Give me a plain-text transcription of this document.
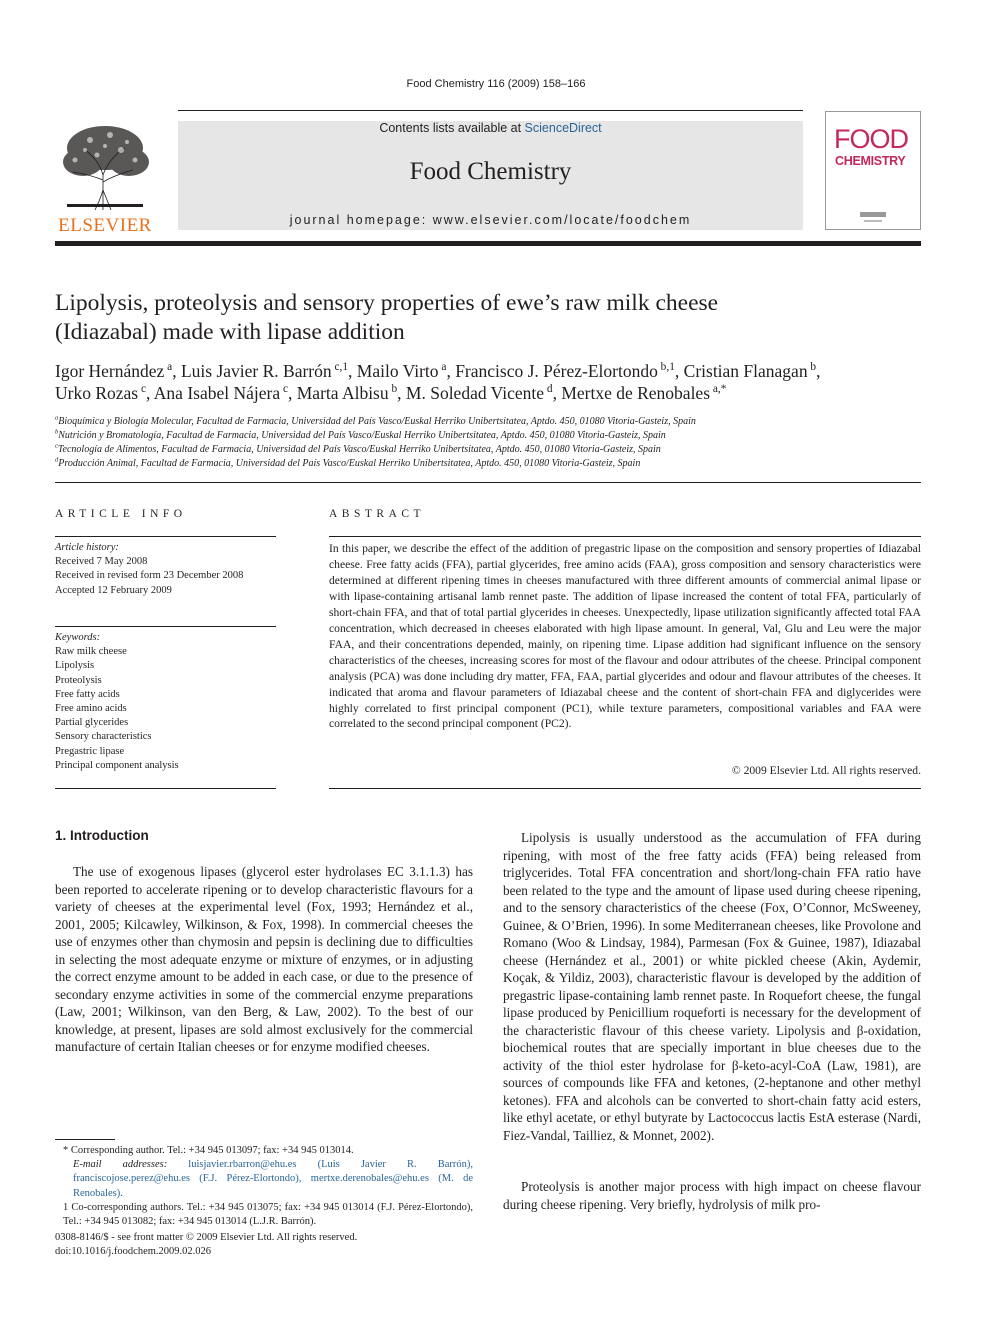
Food Chemistry 116 (2009) 158–166
ELSEVIER
Contents lists available at ScienceDirect
Food Chemistry
journal homepage: www.elsevier.com/locate/foodchem
FOOD
CHEMISTRY
Lipolysis, proteolysis and sensory properties of ewe’s raw milk cheese
(Idiazabal) made with lipase addition
Igor Hernández $^a$, Luis Javier R. Barrón $^{c,1}$, Mailo Virto $^a$, Francisco J. Pérez-Elortondo $^{b,1}$, Cristian Flanagan $^b$,
Urko Rozas $^c$, Ana Isabel Nájera $^c$, Marta Albisu $^b$, M. Soledad Vicente $^d$, Mertxe de Renobales $^{a,*}$
$^a$Bioquímica y Biología Molecular, Facultad de Farmacia, Universidad del País Vasco/Euskal Herriko Unibertsitatea, Aptdo. 450, 01080 Vitoria-Gasteiz, Spain
$^b$Nutrición y Bromatología, Facultad de Farmacia, Universidad del País Vasco/Euskal Herriko Unibertsitatea, Aptdo. 450, 01080 Vitoria-Gasteiz, Spain
$^c$Tecnología de Alimentos, Facultad de Farmacia, Universidad del País Vasco/Euskal Herriko Unibertsitatea, Aptdo. 450, 01080 Vitoria-Gasteiz, Spain
$^d$Producción Animal, Facultad de Farmacia, Universidad del País Vasco/Euskal Herriko Unibertsitatea, Aptdo. 450, 01080 Vitoria-Gasteiz, Spain
ARTICLE INFO
Article history:
Received 7 May 2008
Received in revised form 23 December 2008
Accepted 12 February 2009
Keywords:
Raw milk cheese
Lipolysis
Proteolysis
Free fatty acids
Free amino acids
Partial glycerides
Sensory characteristics
Pregastric lipase
Principal component analysis
ABSTRACT
In this paper, we describe the effect of the addition of pregastric lipase on the composition and sensory properties of Idiazabal cheese. Free fatty acids (FFA), partial glycerides, free amino acids (FAA), gross composition and sensory characteristics were determined at different ripening times in cheeses manufactured with three different amounts of commercial animal lipase or with lipase-containing artisanal lamb rennet paste. The addition of lipase increased the content of total FFA, particularly of short-chain FFA, and that of total partial glycerides in cheeses. Unexpectedly, lipase utilization significantly affected total FAA concentration, which decreased in cheeses elaborated with high lipase amount. In general, Val, Glu and Leu were the major FAA, and their concentrations depended, mainly, on ripening time. Lipase addition had significant influence on the sensory characteristics of the cheeses, increasing scores for most of the flavour and odour attributes of the cheese. Principal component analysis (PCA) was done including dry matter, FFA, FAA, partial glycerides and odour and flavour attributes of the cheeses. It indicated that aroma and flavour parameters of Idiazabal cheese and the content of short-chain FFA and diglycerides were highly correlated to first principal component (PC1), while texture parameters, compositional variables and FAA were correlated to the second principal component (PC2).
© 2009 Elsevier Ltd. All rights reserved.
1. Introduction
The use of exogenous lipases (glycerol ester hydrolases EC 3.1.1.3) has been reported to accelerate ripening or to develop characteristic flavours for a variety of cheeses at the experimental level (Fox, 1993; Hernández et al., 2001, 2005; Kilcawley, Wilkinson, & Fox, 1998). In commercial cheeses the use of enzymes other than chymosin and pepsin is declining due to difficulties in selecting the most adequate enzyme or mixture of enzymes, or in adjusting the correct enzyme amount to be added in each case, or due to the presence of secondary enzyme activities in some of the commercial enzyme preparations (Law, 2001; Wilkinson, van den Berg, & Law, 2002). To the best of our knowledge, at present, lipases are sold almost exclusively for the commercial manufacture of certain Italian cheeses or for enzyme modified cheeses.
Lipolysis is usually understood as the accumulation of FFA during ripening, with most of the free fatty acids (FFA) being released from triglycerides. Total FFA concentration and short/long-chain FFA ratio have been related to the type and the amount of lipase used during cheese ripening, and to the sensory characteristics of the cheese (Fox, O’Connor, McSweeney, Guinee, & O’Brien, 1996). In some Mediterranean cheeses, like Provolone and Romano (Woo & Lindsay, 1984), Parmesan (Fox & Guinee, 1987), Idiazabal cheese (Hernández et al., 2001) or white pickled cheese (Akin, Aydemir, Koçak, & Yildiz, 2003), characteristic flavour is developed by the addition of pregastric lipase-containing lamb rennet paste. In Roquefort cheese, the fungal lipase produced by Penicillium roqueforti is necessary for the development of the characteristic flavour of this cheese variety. Lipolysis and β-oxidation, biochemical routes that are specially important in blue cheeses due to the activity of the thiol ester hydrolase for β-keto-acyl-CoA (Law, 1981), are sources of compounds like FFA and ketones, (2-heptanone and other methyl ketones). FFA and alcohols can be converted to short-chain fatty acid esters, like ethyl acetate, or ethyl butyrate by Lactococcus lactis EstA esterase (Nardi, Fiez-Vandal, Tailliez, & Monnet, 2002).
Proteolysis is another major process with high impact on cheese flavour during cheese ripening. Very briefly, hydrolysis of milk pro-
* Corresponding author. Tel.: +34 945 013097; fax: +34 945 013014.
E-mail addresses: luisjavier.rbarron@ehu.es (Luis Javier R. Barrón), franciscojose.perez@ehu.es (F.J. Pérez-Elortondo), mertxe.derenobales@ehu.es (M. de Renobales).
1 Co-corresponding authors. Tel.: +34 945 013075; fax: +34 945 013014 (F.J. Pérez-Elortondo), Tel.: +34 945 013082; fax: +34 945 013014 (L.J.R. Barrón).
0308-8146/$ - see front matter © 2009 Elsevier Ltd. All rights reserved.
doi:10.1016/j.foodchem.2009.02.026
